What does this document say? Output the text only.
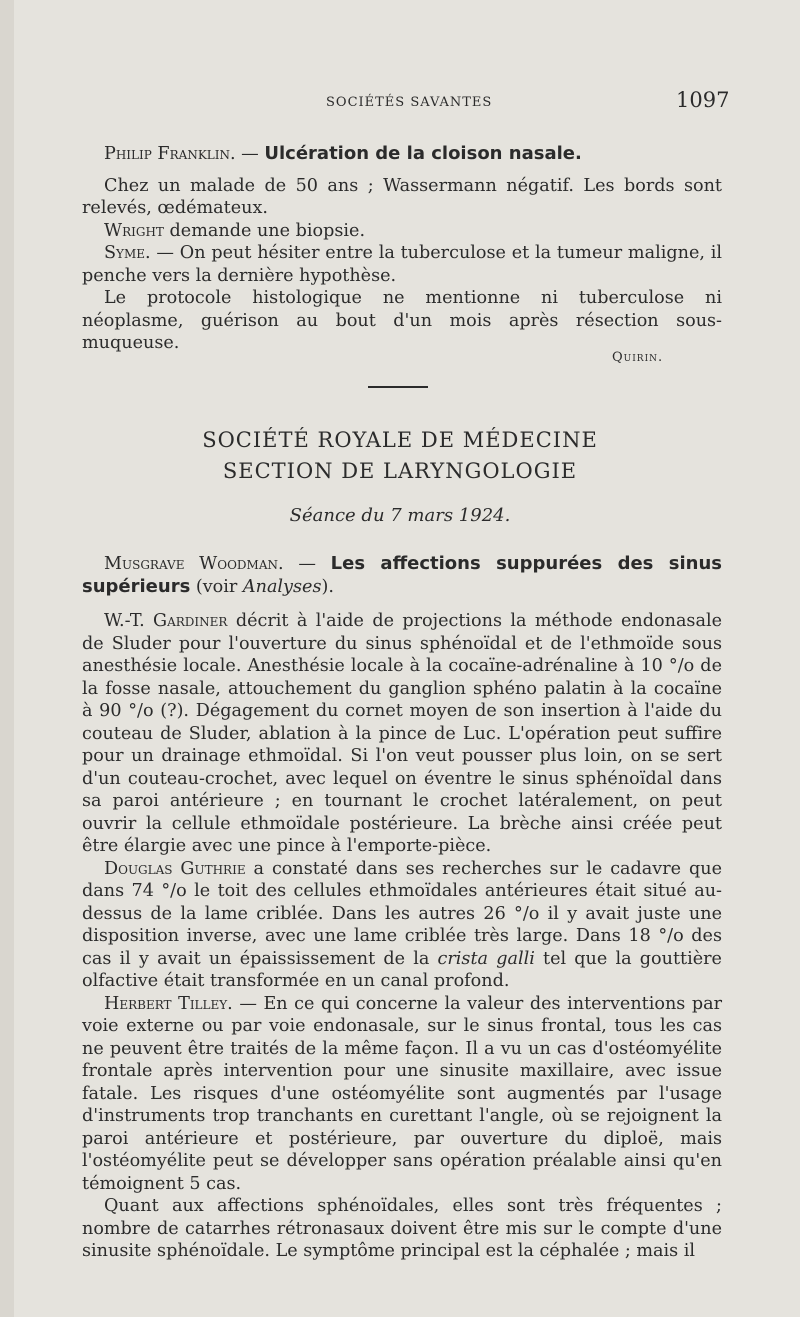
SOCIÉTÉS SAVANTES	1097
Philip Franklin. — Ulcération de la cloison nasale.

Chez un malade de 50 ans ; Wassermann négatif. Les bords sont relevés, œdémateux.

Wright demande une biopsie.

Syme. — On peut hésiter entre la tuberculose et la tumeur maligne, il penche vers la dernière hypothèse.

Le protocole histologique ne mentionne ni tuberculose ni néoplasme, guérison au bout d'un mois après résection sous-muqueuse.

Quirin.
SOCIÉTÉ ROYALE DE MÉDECINE
SECTION DE LARYNGOLOGIE
Séance du 7 mars 1924.

Musgrave Woodman. — Les affections suppurées des sinus supérieurs (voir Analyses).

W.-T. Gardiner décrit à l'aide de projections la méthode endonasale de Sluder pour l'ouverture du sinus sphénoïdal et de l'ethmoïde sous anesthésie locale. Anesthésie locale à la cocaïne-adrénaline à 10 °/o de la fosse nasale, attouchement du ganglion sphéno palatin à la cocaïne à 90 °/o (?). Dégagement du cornet moyen de son insertion à l'aide du couteau de Sluder, ablation à la pince de Luc. L'opération peut suffire pour un drainage ethmoïdal. Si l'on veut pousser plus loin, on se sert d'un couteau-crochet, avec lequel on éventre le sinus sphénoïdal dans sa paroi antérieure ; en tournant le crochet latéralement, on peut ouvrir la cellule ethmoïdale postérieure. La brèche ainsi créée peut être élargie avec une pince à l'emporte-pièce.

Douglas Guthrie a constaté dans ses recherches sur le cadavre que dans 74 °/o le toit des cellules ethmoïdales antérieures était situé au-dessus de la lame criblée. Dans les autres 26 °/o il y avait juste une disposition inverse, avec une lame criblée très large. Dans 18 °/o des cas il y avait un épaississement de la crista galli tel que la gouttière olfactive était transformée en un canal profond.

Herbert Tilley. — En ce qui concerne la valeur des interventions par voie externe ou par voie endonasale, sur le sinus frontal, tous les cas ne peuvent être traités de la même façon. Il a vu un cas d'ostéomyélite frontale après intervention pour une sinusite maxillaire, avec issue fatale. Les risques d'une ostéomyélite sont augmentés par l'usage d'instruments trop tranchants en curettant l'angle, où se rejoignent la paroi antérieure et postérieure, par ouverture du diploë, mais l'ostéomyélite peut se développer sans opération préalable ainsi qu'en témoignent 5 cas.

Quant aux affections sphénoïdales, elles sont très fréquentes ; nombre de catarrhes rétronasaux doivent être mis sur le compte d'une sinusite sphénoïdale. Le symptôme principal est la céphalée ; mais il
